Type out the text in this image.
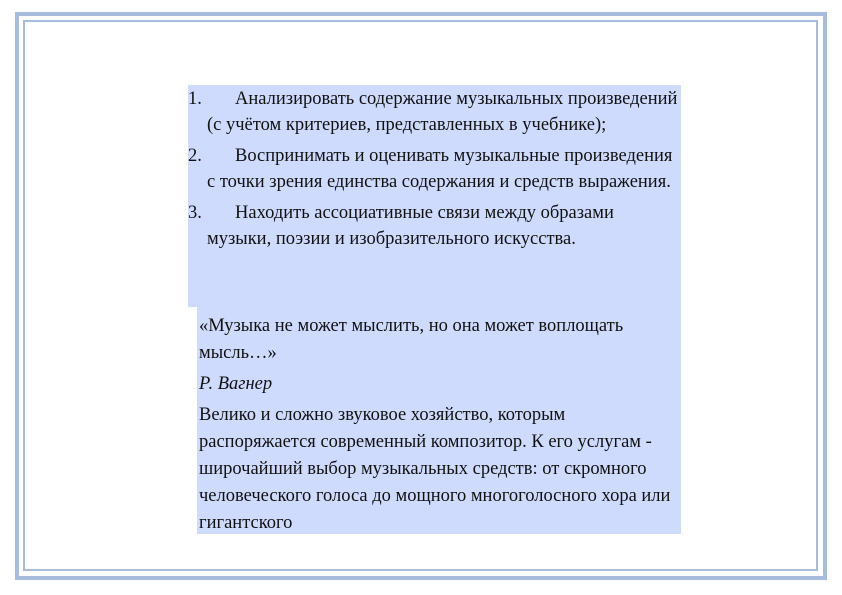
1.	Анализировать содержание музыкальных произведений (с учётом критериев, представленных в учебнике);
2.	Воспринимать и оценивать музыкальные произведения с точки зрения единства содержания и средств выражения.
3.	Находить ассоциативные связи между образами музыки, поэзии и изобразительного искусства.

«Музыка не может мыслить, но она может воплощать мысль…»

Р. Вагнер

Велико и сложно звуковое хозяйство, которым распоряжается современный композитор. К его услугам - широчайший выбор музыкальных средств: от скромного человеческого голоса до мощного многоголосного хора или гигантского
